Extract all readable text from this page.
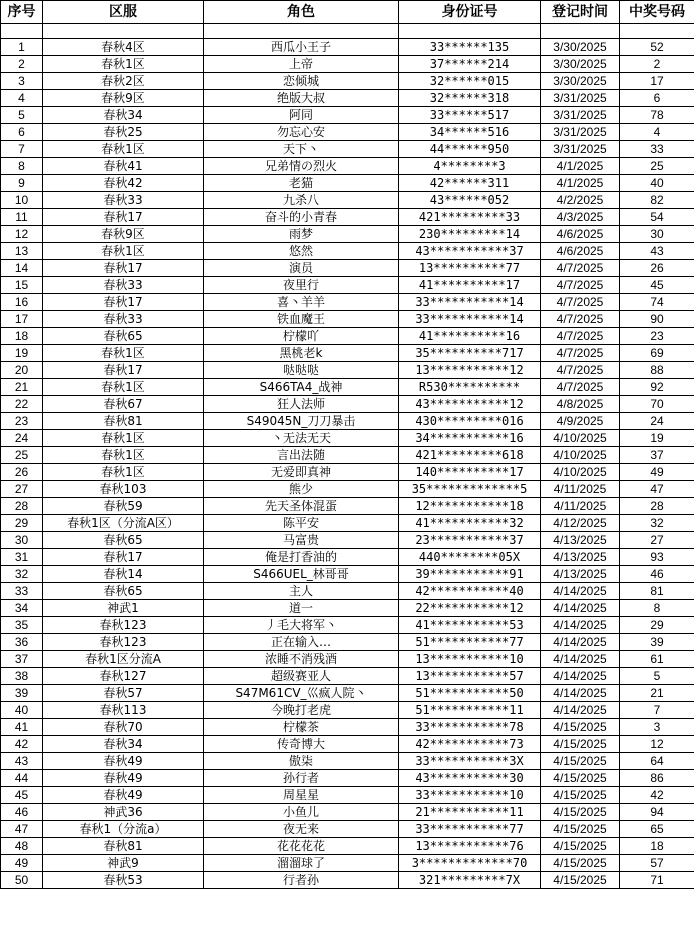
序号	区服	角色	身份证号	登记时间	中奖号码

1	春秋4区	西瓜小王子	33******135	3/30/2025	52
2	春秋1区	上帝	37******214	3/30/2025	2
3	春秋2区	恋倾城	32******015	3/30/2025	17
4	春秋9区	绝版大叔	32******318	3/31/2025	6
5	春秋34	阿同	33******517	3/31/2025	78
6	春秋25	勿忘心安	34******516	3/31/2025	4
7	春秋1区	天下丶	44******950	3/31/2025	33
8	春秋41	兄弟情の烈火	4********3	4/1/2025	25
9	春秋42	老猫	42******311	4/1/2025	40
10	春秋33	九杀八	43******052	4/2/2025	82
11	春秋17	奋斗的小青春	421*********33	4/3/2025	54
12	春秋9区	雨梦	230*********14	4/6/2025	30
13	春秋1区	悠然	43***********37	4/6/2025	43
14	春秋17	演员	13**********77	4/7/2025	26
15	春秋33	夜里行	41**********17	4/7/2025	45
16	春秋17	喜丶羊羊	33***********14	4/7/2025	74
17	春秋33	铁血魔王	33***********14	4/7/2025	90
18	春秋65	柠檬吖	41**********16	4/7/2025	23
19	春秋1区	黑桃老k	35**********717	4/7/2025	69
20	春秋17	哒哒哒	13***********12	4/7/2025	88
21	春秋1区	S466TA4_战神	R530**********	4/7/2025	92
22	春秋67	狂人法师	43***********12	4/8/2025	70
23	春秋81	S49045N_刀刀暴击	430*********016	4/9/2025	24
24	春秋1区	丶无法无天	34***********16	4/10/2025	19
25	春秋1区	言出法随	421*********618	4/10/2025	37
26	春秋1区	无爱即真神	140**********17	4/10/2025	49
27	春秋103	熊少	35*************5	4/11/2025	47
28	春秋59	先天圣体混蛋	12***********18	4/11/2025	28
29	春秋1区（分流A区）	陈平安	41***********32	4/12/2025	32
30	春秋65	马富贵	23***********37	4/13/2025	27
31	春秋17	俺是打香油的	440********05X	4/13/2025	93
32	春秋14	S466UEL_林哥哥	39***********91	4/13/2025	46
33	春秋65	主人	42***********40	4/14/2025	81
34	神武1	道一	22***********12	4/14/2025	8
35	春秋123	丿毛大将军丶	41***********53	4/14/2025	29
36	春秋123	正在输入…	51***********77	4/14/2025	39
37	春秋1区分流A	浓睡不消残酒	13***********10	4/14/2025	61
38	春秋127	超级赛亚人	13***********57	4/14/2025	5
39	春秋57	S47M61CV_巛疯人院丶	51***********50	4/14/2025	21
40	春秋113	今晚打老虎	51***********11	4/14/2025	7
41	春秋70	柠檬茶	33***********78	4/15/2025	3
42	春秋34	传奇博大	42***********73	4/15/2025	12
43	春秋49	傲柒	33***********3X	4/15/2025	64
44	春秋49	孙行者	43***********30	4/15/2025	86
45	春秋49	周星星	33***********10	4/15/2025	42
46	神武36	小鱼儿	21***********11	4/15/2025	94
47	春秋1（分流a）	夜无来	33***********77	4/15/2025	65
48	春秋81	花花花花	13***********76	4/15/2025	18
49	神武9	溜溜球了	3*************70	4/15/2025	57
50	春秋53	行者孙	321*********7X	4/15/2025	71
